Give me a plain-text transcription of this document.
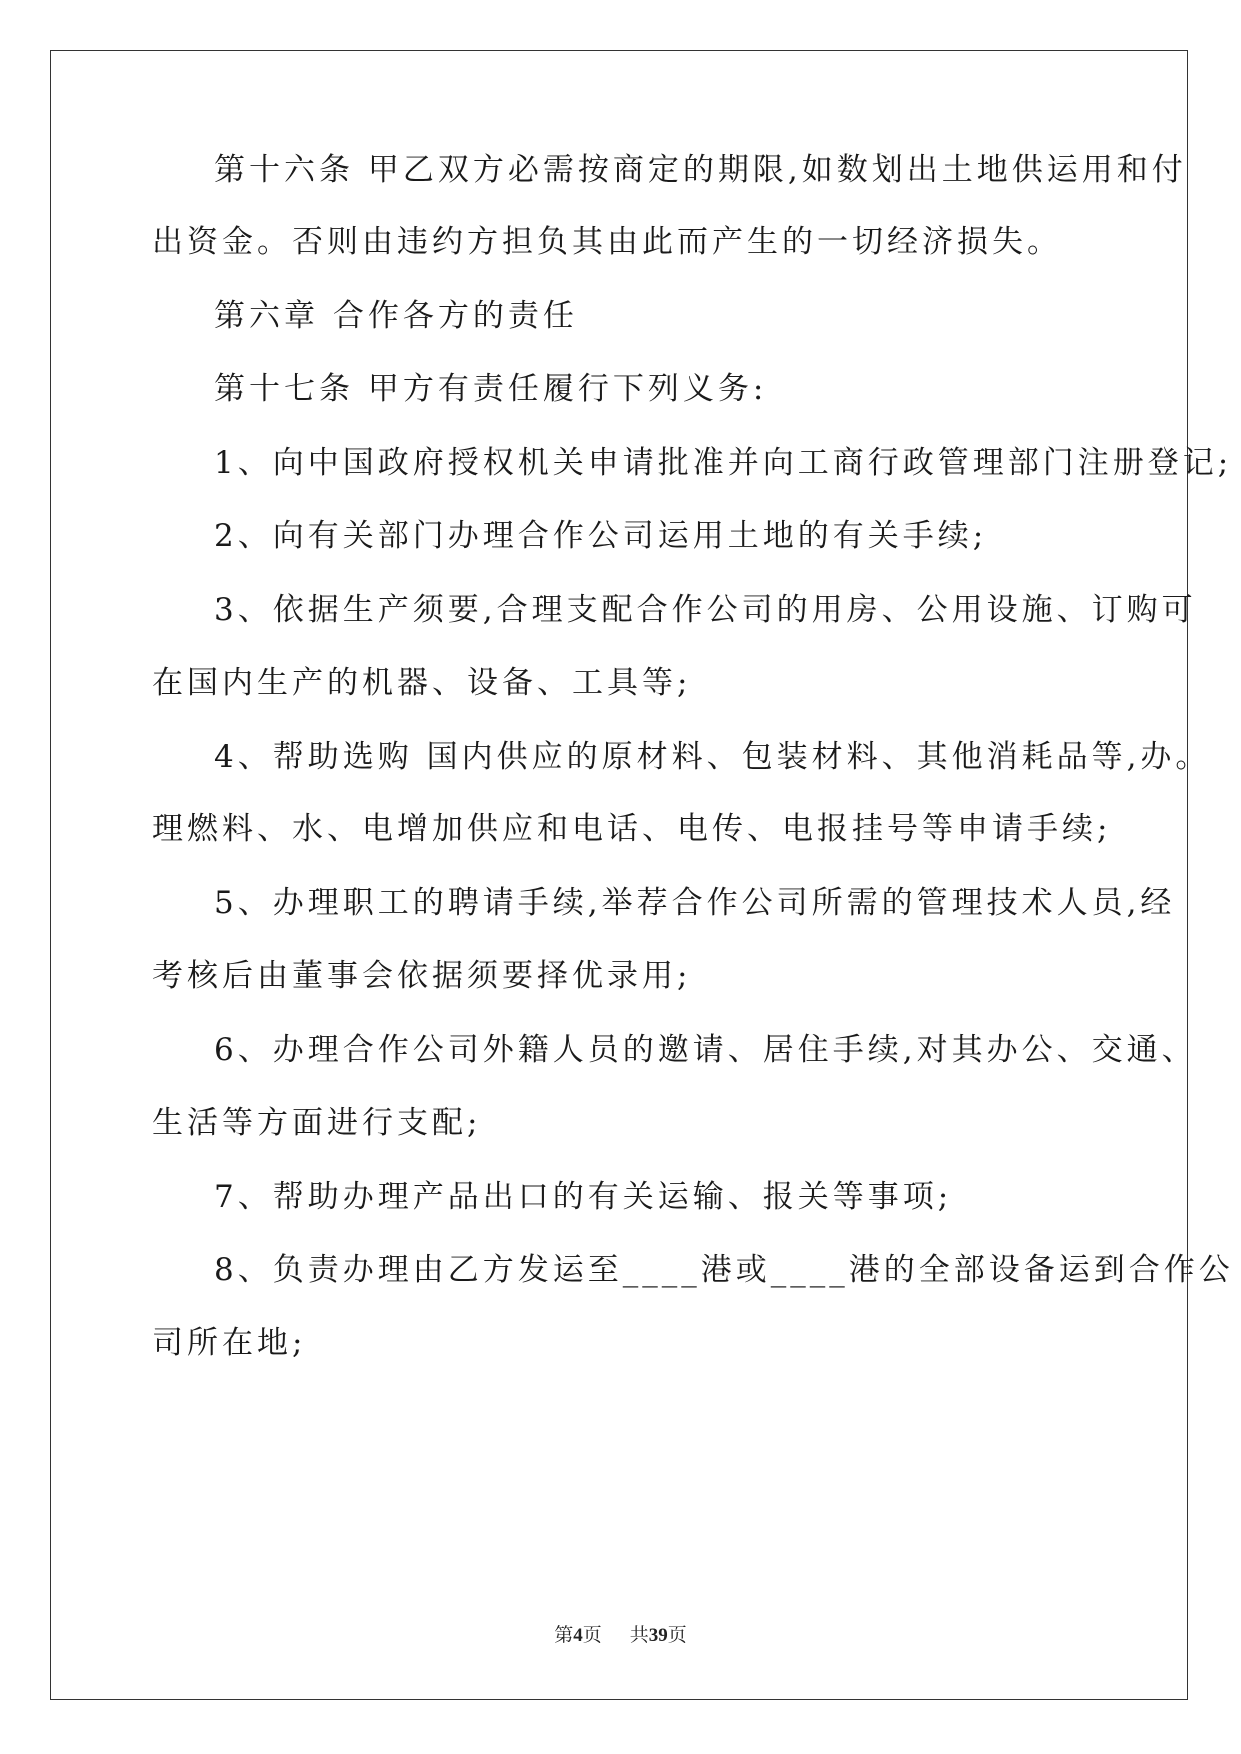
第十六条 甲乙双方必需按商定的期限,如数划出土地供运用和付
出资金。否则由违约方担负其由此而产生的一切经济损失。
第六章 合作各方的责任
第十七条 甲方有责任履行下列义务:
1、向中国政府授权机关申请批准并向工商行政管理部门注册登记;
2、向有关部门办理合作公司运用土地的有关手续;
3、依据生产须要,合理支配合作公司的用房、公用设施、订购可
在国内生产的机器、设备、工具等;
4、帮助选购 国内供应的原材料、包装材料、其他消耗品等,办。
理燃料、水、电增加供应和电话、电传、电报挂号等申请手续;
5、办理职工的聘请手续,举荐合作公司所需的管理技术人员,经
考核后由董事会依据须要择优录用;
6、办理合作公司外籍人员的邀请、居住手续,对其办公、交通、
生活等方面进行支配;
7、帮助办理产品出口的有关运输、报关等事项;
8、负责办理由乙方发运至____港或____港的全部设备运到合作公
司所在地;
第4页 共39页
